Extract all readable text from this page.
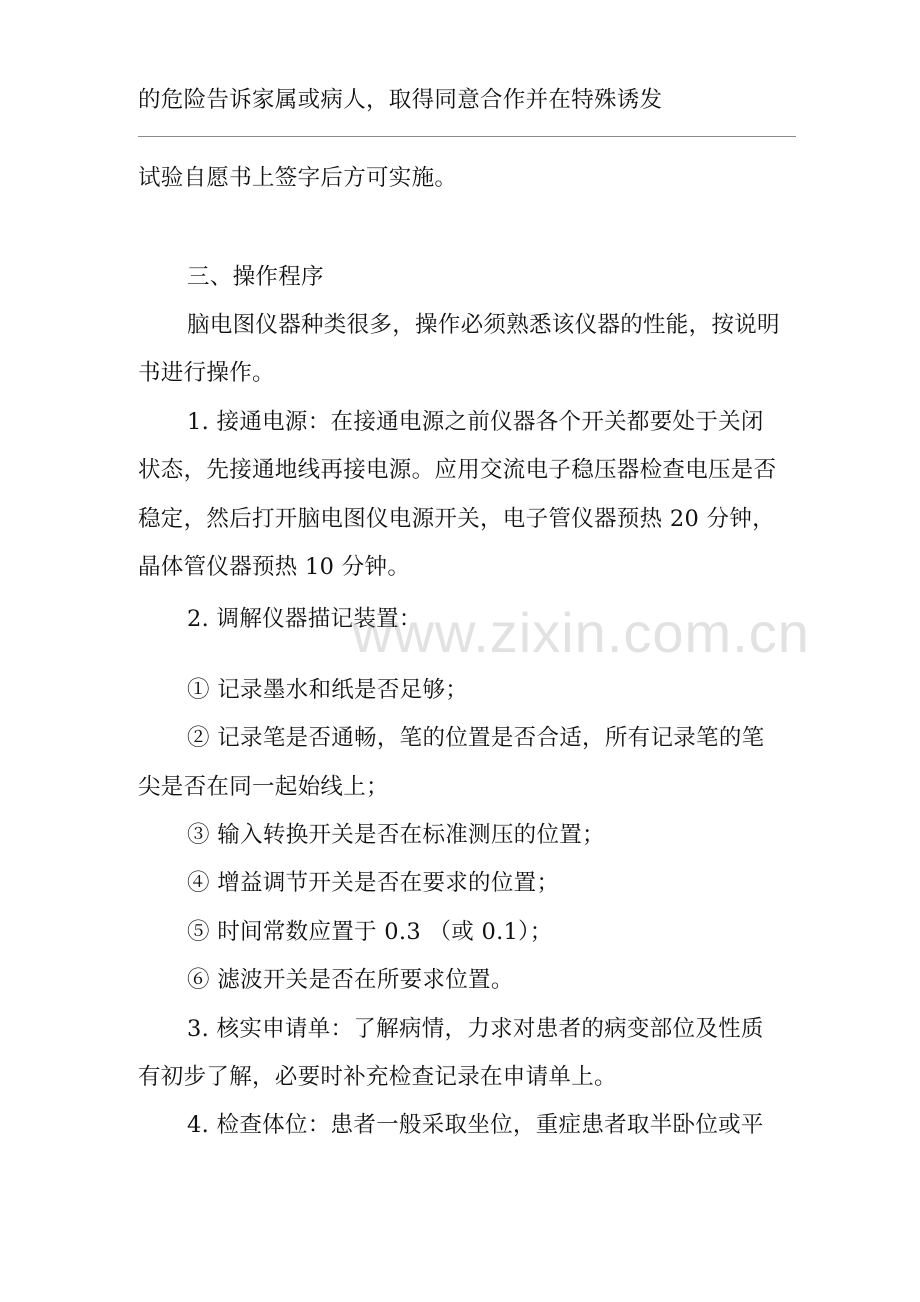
的危险告诉家属或病人，取得同意合作并在特殊诱发
试验自愿书上签字后方可实施。
三、操作程序
脑电图仪器种类很多，操作必须熟悉该仪器的性能，按说明
书进行操作。
1. 接通电源：在接通电源之前仪器各个开关都要处于关闭
状态，先接通地线再接电源。应用交流电子稳压器检查电压是否
稳定，然后打开脑电图仪电源开关，电子管仪器预热 20 分钟，
晶体管仪器预热 10 分钟。
2. 调解仪器描记装置：
① 记录墨水和纸是否足够；
② 记录笔是否通畅，笔的位置是否合适，所有记录笔的笔
尖是否在同一起始线上；
③ 输入转换开关是否在标准测压的位置；
④ 增益调节开关是否在要求的位置；
⑤ 时间常数应置于 0.3 （或 0.1）；
⑥ 滤波开关是否在所要求位置。
3. 核实申请单：了解病情，力求对患者的病变部位及性质
有初步了解，必要时补充检查记录在申请单上。
4. 检查体位：患者一般采取坐位，重症患者取半卧位或平
www.zixin.com.cn
